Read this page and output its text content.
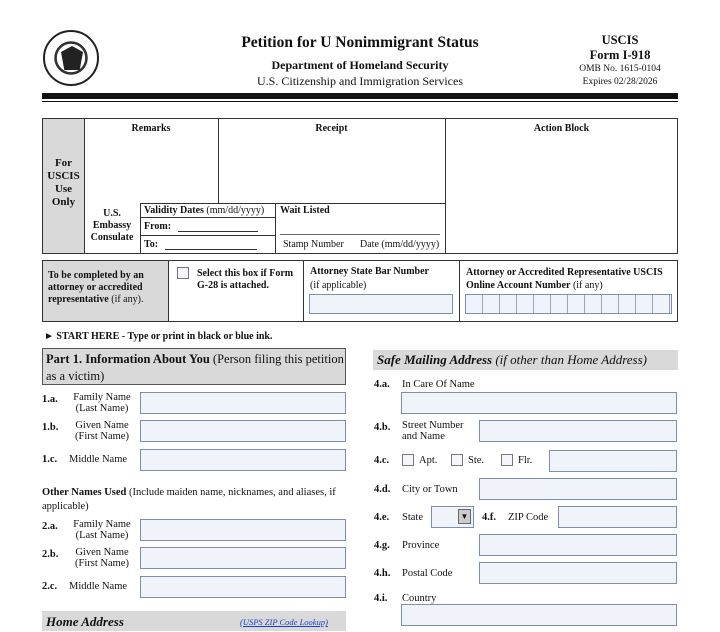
Petition for U Nonimmigrant Status
Department of Homeland Security
U.S. Citizenship and Immigration Services
USCIS
Form I-918
OMB No. 1615-0104
Expires 02/28/2026
For USCIS Use Only
Remarks	Receipt	Action Block
U.S. Embassy Consulate
Validity Dates (mm/dd/yyyy)
From:
To:
Wait Listed
Stamp Number Date (mm/dd/yyyy)
To be completed by an attorney or accredited representative (if any).
Select this box if Form G-28 is attached.
Attorney State Bar Number
(if applicable)
Attorney or Accredited Representative USCIS Online Account Number (if any)
► START HERE - Type or print in black or blue ink.
Part 1. Information About You (Person filing this petition as a victim)
1.a.	Family Name (Last Name)
1.b.	Given Name (First Name)
1.c. Middle Name
Other Names Used (Include maiden name, nicknames, and aliases, if applicable)
2.a.	Family Name (Last Name)
2.b.	Given Name (First Name)
2.c. Middle Name
Home Address	(USPS ZIP Code Lookup)
Safe Mailing Address (if other than Home Address)
4.a. In Care Of Name
4.b. Street Number and Name
4.c.	Apt.	Ste.	Flr.
4.d. City or Town
4.e. State	▼ 4.f. ZIP Code
4.g. Province
4.h. Postal Code
4.i. Country
